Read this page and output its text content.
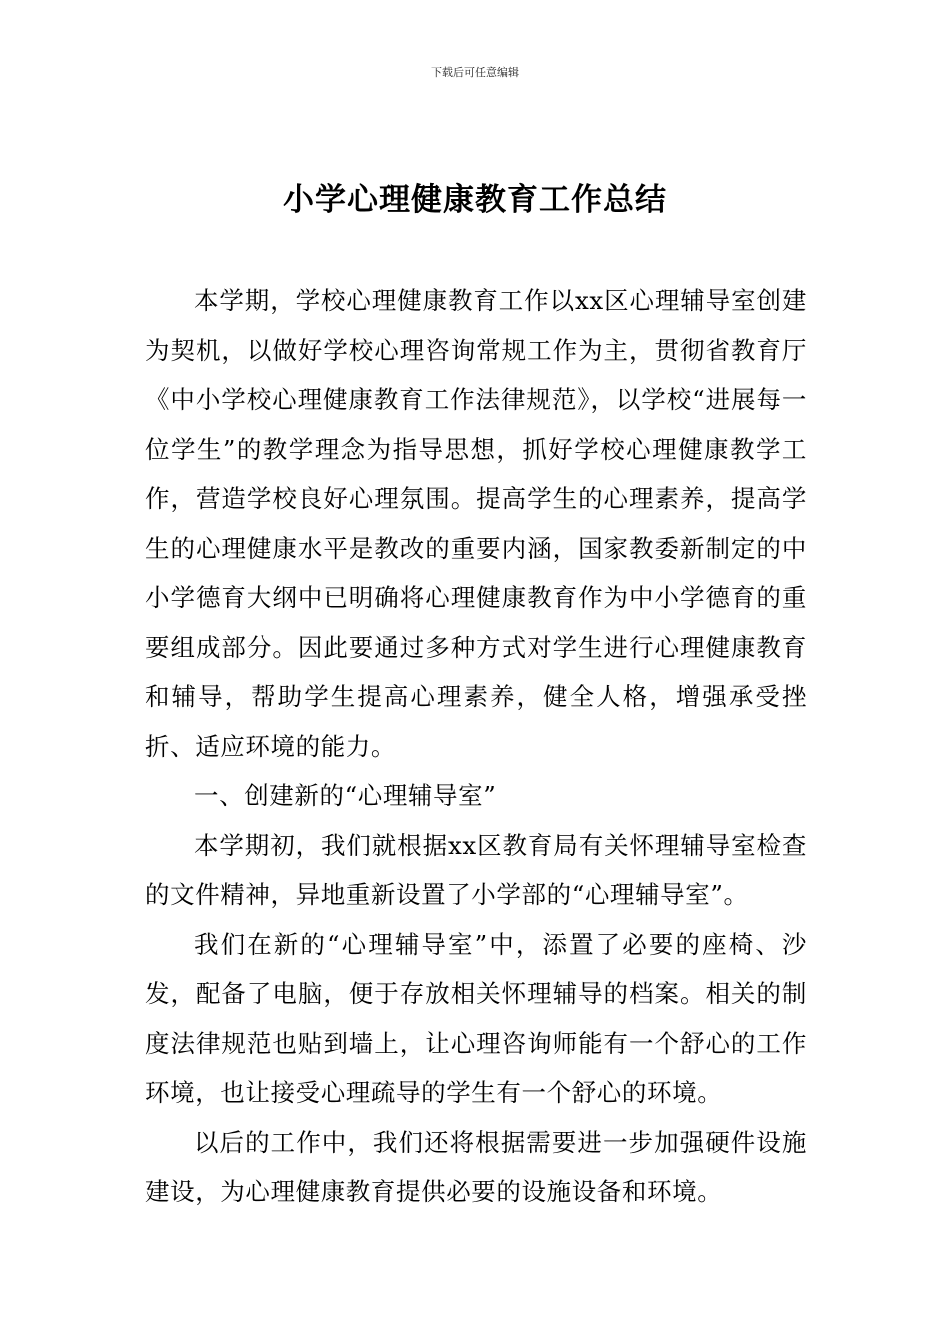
下载后可任意编辑
小学心理健康教育工作总结

本学期，学校心理健康教育工作以xx区心理辅导室创建为契机，以做好学校心理咨询常规工作为主，贯彻省教育厅《中小学校心理健康教育工作法律规范》，以学校“进展每一位学生”的教学理念为指导思想，抓好学校心理健康教学工作，营造学校良好心理氛围。提高学生的心理素养，提高学生的心理健康水平是教改的重要内涵，国家教委新制定的中小学德育大纲中已明确将心理健康教育作为中小学德育的重要组成部分。因此要通过多种方式对学生进行心理健康教育和辅导，帮助学生提高心理素养，健全人格，增强承受挫折、适应环境的能力。

一、创建新的“心理辅导室”

本学期初，我们就根据xx区教育局有关怀理辅导室检查的文件精神，异地重新设置了小学部的“心理辅导室”。

我们在新的“心理辅导室”中，添置了必要的座椅、沙发，配备了电脑，便于存放相关怀理辅导的档案。相关的制度法律规范也贴到墙上，让心理咨询师能有一个舒心的工作环境，也让接受心理疏导的学生有一个舒心的环境。

以后的工作中，我们还将根据需要进一步加强硬件设施建设，为心理健康教育提供必要的设施设备和环境。
